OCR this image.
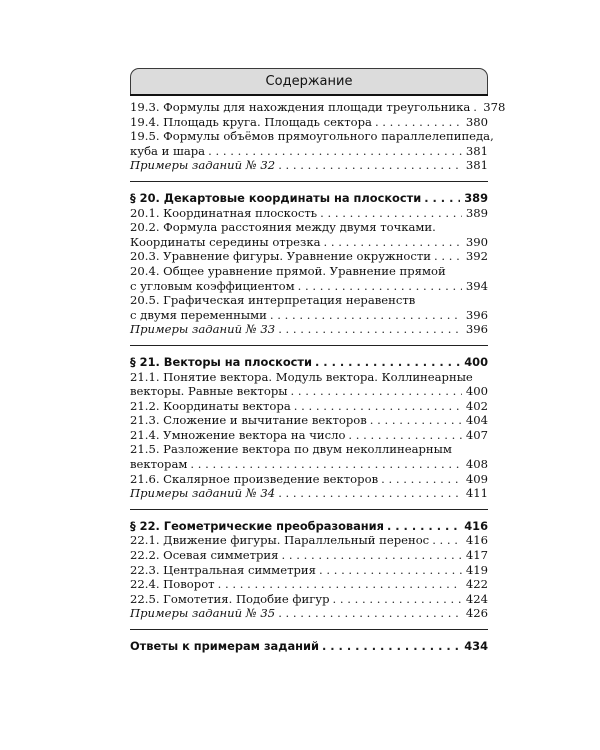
Содержание
19.3. Формулы для нахождения площади треугольника . . . 378
19.4. Площадь круга. Площадь сектора . . .	380
19.5. Формулы объёмов прямоугольного параллелепипеда,
куба и шара . . .	381
Примеры заданий № 32 . . .	381
§ 20. Декартовые координаты на плоскости . . .	389
20.1. Координатная плоскость . . .	389
20.2. Формула расстояния между двумя точками.
Координаты середины отрезка . . .	390
20.3. Уравнение фигуры. Уравнение окружности . . .	392
20.4. Общее уравнение прямой. Уравнение прямой
с угловым коэффициентом . . .	394
20.5. Графическая интерпретация неравенств
с двумя переменными . . .	396
Примеры заданий № 33 . . .	396
§ 21. Векторы на плоскости . . .	400
21.1. Понятие вектора. Модуль вектора. Коллинеарные
векторы. Равные векторы . . .	400
21.2. Координаты вектора . . .	402
21.3. Сложение и вычитание векторов . . .	404
21.4. Умножение вектора на число . . .	407
21.5. Разложение вектора по двум неколлинеарным
векторам . . .	408
21.6. Скалярное произведение векторов . . .	409
Примеры заданий № 34 . . .	411
§ 22. Геометрические преобразования . . .	416
22.1. Движение фигуры. Параллельный перенос . . .	416
22.2. Осевая симметрия . . .	417
22.3. Центральная симметрия . . .	419
22.4. Поворот . . .	422
22.5. Гомотетия. Подобие фигур . . .	424
Примеры заданий № 35 . . .	426
Ответы к примерам заданий . . .	434
